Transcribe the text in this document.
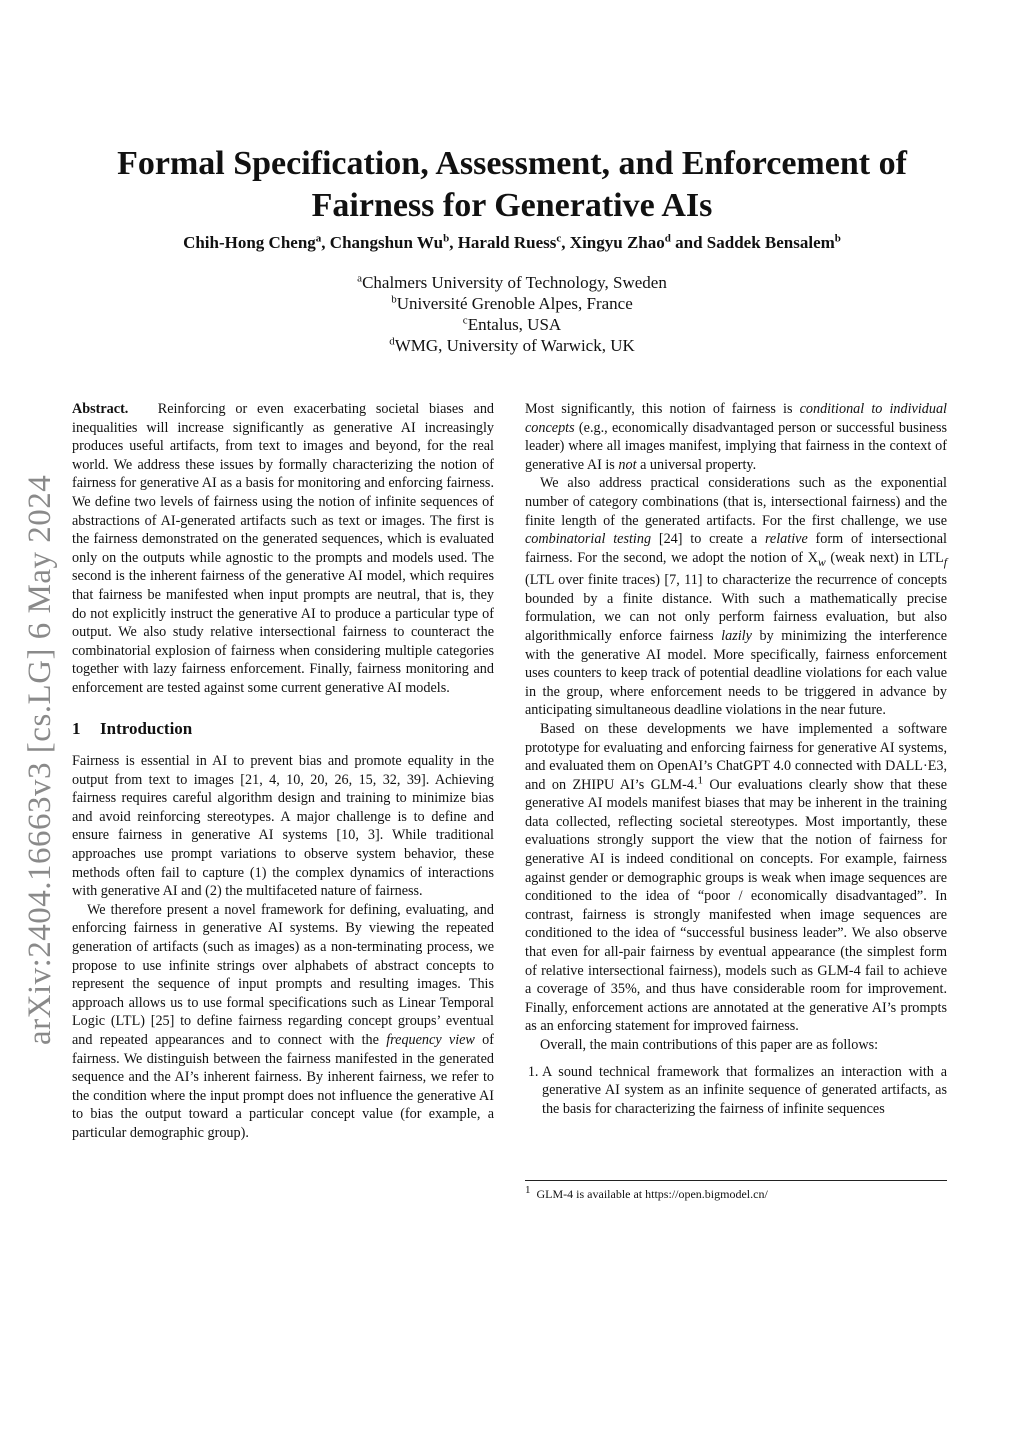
Formal Specification, Assessment, and Enforcement of
Fairness for Generative AIs
Chih-Hong Cheng$^a$, Changshun Wu$^b$, Harald Ruess$^c$, Xingyu Zhao$^d$ and Saddek Bensalem$^b$
$^a$Chalmers University of Technology, Sweden
$^b$Université Grenoble Alpes, France
$^c$Entalus, USA
$^d$WMG, University of Warwick, UK
arXiv:2404.16663v3 [cs.LG] 6 May 2024

Abstract. Reinforcing or even exacerbating societal biases and inequalities will increase significantly as generative AI increasingly produces useful artifacts, from text to images and beyond, for the real world. We address these issues by formally characterizing the notion of fairness for generative AI as a basis for monitoring and enforcing fairness. We define two levels of fairness using the notion of infinite sequences of abstractions of AI-generated artifacts such as text or images. The first is the fairness demonstrated on the generated sequences, which is evaluated only on the outputs while agnostic to the prompts and models used. The second is the inherent fairness of the generative AI model, which requires that fairness be manifested when input prompts are neutral, that is, they do not explicitly instruct the generative AI to produce a particular type of output. We also study relative intersectional fairness to counteract the combinatorial explosion of fairness when considering multiple categories together with lazy fairness enforcement. Finally, fairness monitoring and enforcement are tested against some current generative AI models.

1 Introduction

Fairness is essential in AI to prevent bias and promote equality in the output from text to images [21, 4, 10, 20, 26, 15, 32, 39]. Achieving fairness requires careful algorithm design and training to minimize bias and avoid reinforcing stereotypes. A major challenge is to define and ensure fairness in generative AI systems [10, 3]. While traditional approaches use prompt variations to observe system behavior, these methods often fail to capture (1) the complex dynamics of interactions with generative AI and (2) the multifaceted nature of fairness.

We therefore present a novel framework for defining, evaluating, and enforcing fairness in generative AI systems. By viewing the repeated generation of artifacts (such as images) as a non-terminating process, we propose to use infinite strings over alphabets of abstract concepts to represent the sequence of input prompts and resulting images. This approach allows us to use formal specifications such as Linear Temporal Logic (LTL) [25] to define fairness regarding concept groups’ eventual and repeated appearances and to connect with the frequency view of fairness. We distinguish between the fairness manifested in the generated sequence and the AI’s inherent fairness. By inherent fairness, we refer to the condition where the input prompt does not influence the generative AI to bias the output toward a particular concept value (for example, a particular demographic group).

Most significantly, this notion of fairness is conditional to individual concepts (e.g., economically disadvantaged person or successful business leader) where all images manifest, implying that fairness in the context of generative AI is not a universal property.

We also address practical considerations such as the exponential number of category combinations (that is, intersectional fairness) and the finite length of the generated artifacts. For the first challenge, we use combinatorial testing [24] to create a relative form of intersectional fairness. For the second, we adopt the notion of $X_w$ (weak next) in $LTL_f$ (LTL over finite traces) [7, 11] to characterize the recurrence of concepts bounded by a finite distance. With such a mathematically precise formulation, we can not only perform fairness evaluation, but also algorithmically enforce fairness lazily by minimizing the interference with the generative AI model. More specifically, fairness enforcement uses counters to keep track of potential deadline violations for each value in the group, where enforcement needs to be triggered in advance by anticipating simultaneous deadline violations in the near future.

Based on these developments we have implemented a software prototype for evaluating and enforcing fairness for generative AI systems, and evaluated them on OpenAI’s ChatGPT 4.0 connected with DALL·E3, and on ZHIPU AI’s GLM-4.$^1$ Our evaluations clearly show that these generative AI models manifest biases that may be inherent in the training data collected, reflecting societal stereotypes. Most importantly, these evaluations strongly support the view that the notion of fairness for generative AI is indeed conditional on concepts. For example, fairness against gender or demographic groups is weak when image sequences are conditioned to the idea of “poor / economically disadvantaged”. In contrast, fairness is strongly manifested when image sequences are conditioned to the idea of “successful business leader”. We also observe that even for all-pair fairness by eventual appearance (the simplest form of relative intersectional fairness), models such as GLM-4 fail to achieve a coverage of 35%, and thus have considerable room for improvement. Finally, enforcement actions are annotated at the generative AI’s prompts as an enforcing statement for improved fairness.

Overall, the main contributions of this paper are as follows:

1. A sound technical framework that formalizes an interaction with a generative AI system as an infinite sequence of generated artifacts, as the basis for characterizing the fairness of infinite sequences
$^1$ GLM-4 is available at https://open.bigmodel.cn/
